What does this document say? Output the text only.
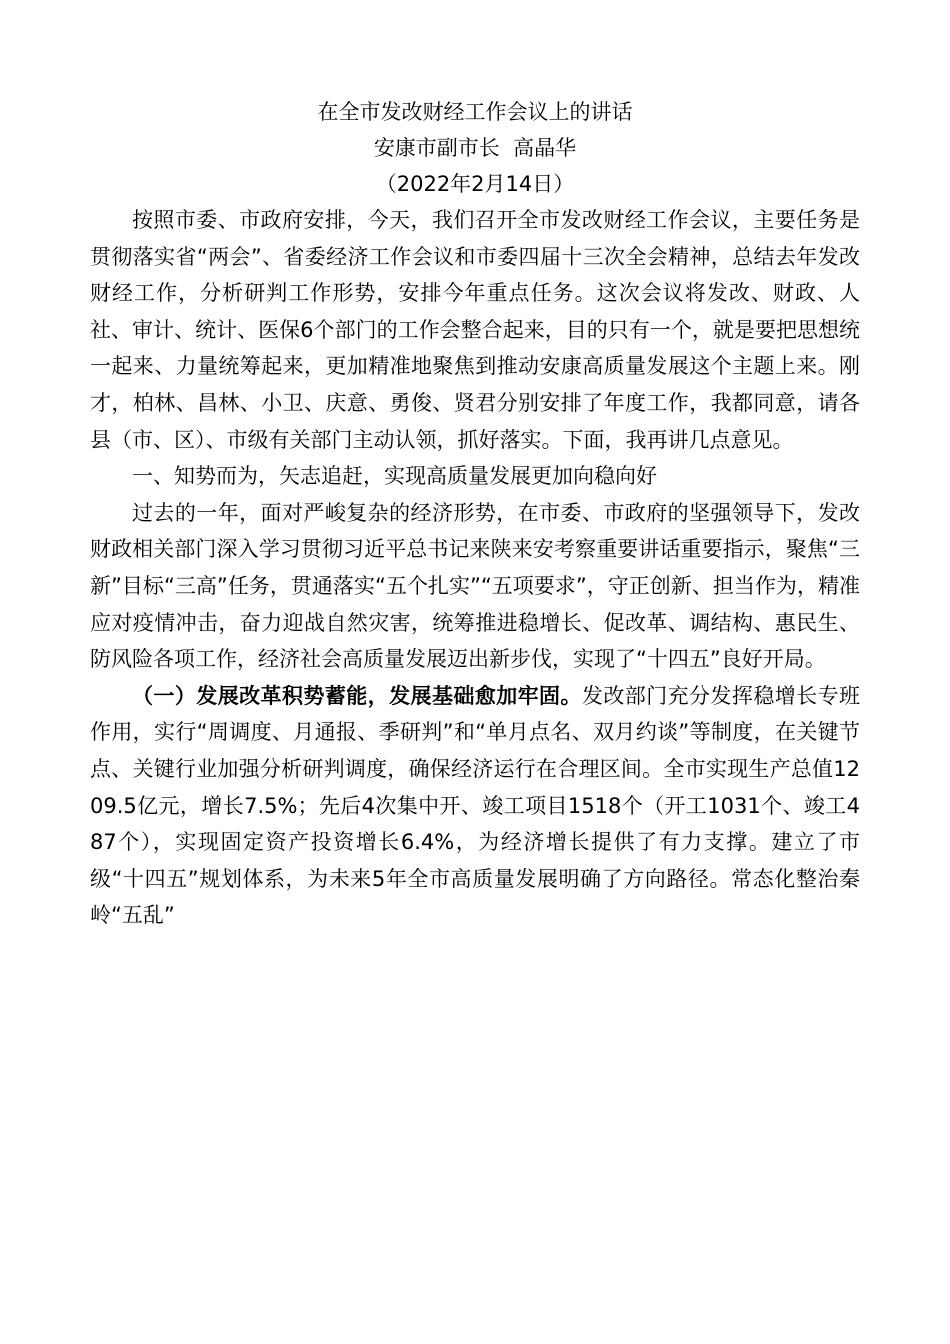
在全市发改财经工作会议上的讲话
安康市副市长  高晶华
（2022年2月14日）

按照市委、市政府安排，今天，我们召开全市发改财经工作会议，主要任务是贯彻落实省“两会”、省委经济工作会议和市委四届十三次全会精神，总结去年发改财经工作，分析研判工作形势，安排今年重点任务。这次会议将发改、财政、人社、审计、统计、医保6个部门的工作会整合起来，目的只有一个，就是要把思想统一起来、力量统筹起来，更加精准地聚焦到推动安康高质量发展这个主题上来。刚才，柏林、昌林、小卫、庆意、勇俊、贤君分别安排了年度工作，我都同意，请各县（市、区）、市级有关部门主动认领，抓好落实。下面，我再讲几点意见。

一、知势而为，矢志追赶，实现高质量发展更加向稳向好

过去的一年，面对严峻复杂的经济形势，在市委、市政府的坚强领导下，发改财政相关部门深入学习贯彻习近平总书记来陕来安考察重要讲话重要指示，聚焦“三新”目标“三高”任务，贯通落实“五个扎实”“五项要求”，守正创新、担当作为，精准应对疫情冲击，奋力迎战自然灾害，统筹推进稳增长、促改革、调结构、惠民生、防风险各项工作，经济社会高质量发展迈出新步伐，实现了“十四五”良好开局。

（一）发展改革积势蓄能，发展基础愈加牢固。发改部门充分发挥稳增长专班作用，实行“周调度、月通报、季研判”和“单月点名、双月约谈”等制度，在关键节点、关键行业加强分析研判调度，确保经济运行在合理区间。全市实现生产总值1209.5亿元，增长7.5%；先后4次集中开、竣工项目1518个（开工1031个、竣工487个），实现固定资产投资增长6.4%，为经济增长提供了有力支撑。建立了市级“十四五”规划体系，为未来5年全市高质量发展明确了方向路径。常态化整治秦岭“五乱”
